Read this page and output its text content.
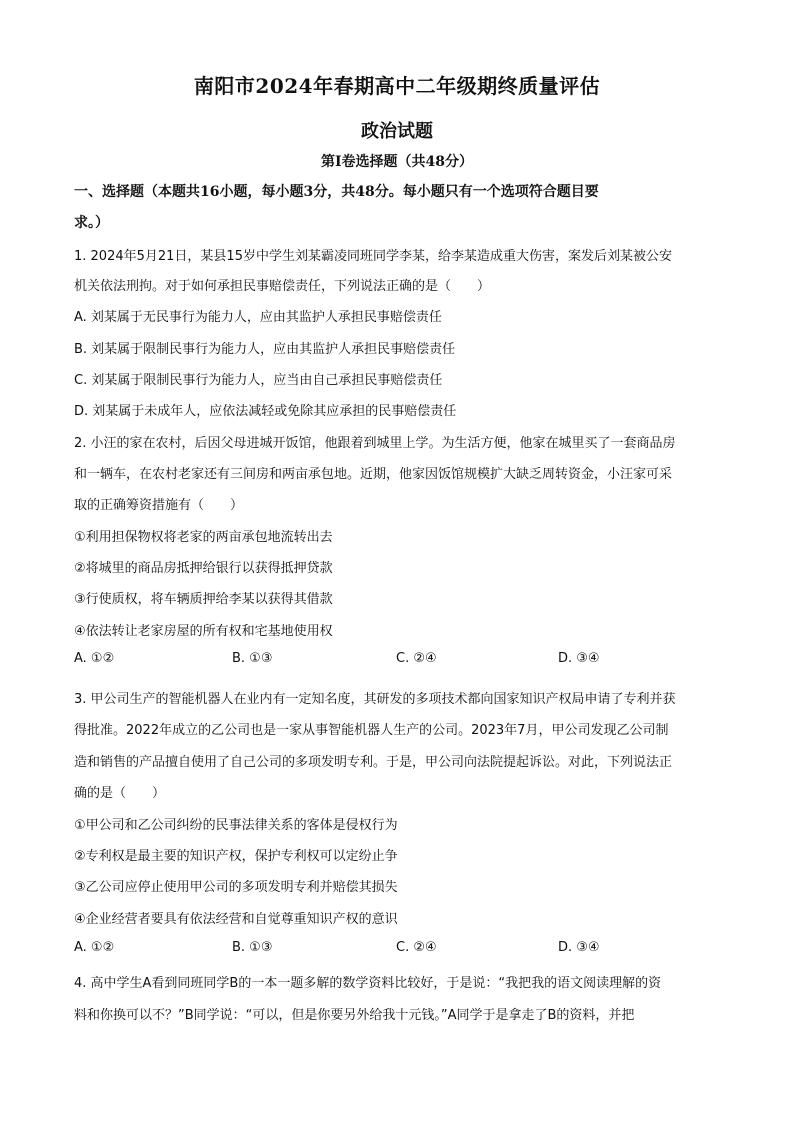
南阳市2024年春期高中二年级期终质量评估
政治试题
第Ⅰ卷选择题（共48分）
一、选择题（本题共16小题，每小题3分，共48分。每小题只有一个选项符合题目要
求。）
1. 2024年5月21日，某县15岁中学生刘某霸凌同班同学李某，给李某造成重大伤害，案发后刘某被公安
机关依法刑拘。对于如何承担民事赔偿责任，下列说法正确的是（　　）
A. 刘某属于无民事行为能力人，应由其监护人承担民事赔偿责任
B. 刘某属于限制民事行为能力人，应由其监护人承担民事赔偿责任
C. 刘某属于限制民事行为能力人，应当由自己承担民事赔偿责任
D. 刘某属于未成年人，应依法减轻或免除其应承担的民事赔偿责任
2. 小汪的家在农村，后因父母进城开饭馆，他跟着到城里上学。为生活方便，他家在城里买了一套商品房
和一辆车，在农村老家还有三间房和两亩承包地。近期，他家因饭馆规模扩大缺乏周转资金，小汪家可采
取的正确筹资措施有（　　）
①利用担保物权将老家的两亩承包地流转出去
②将城里的商品房抵押给银行以获得抵押贷款
③行使质权，将车辆质押给李某以获得其借款
④依法转让老家房屋的所有权和宅基地使用权
A. ①②	B. ①③	C. ②④	D. ③④
3. 甲公司生产的智能机器人在业内有一定知名度，其研发的多项技术都向国家知识产权局申请了专利并获
得批准。2022年成立的乙公司也是一家从事智能机器人生产的公司。2023年7月，甲公司发现乙公司制
造和销售的产品擅自使用了自己公司的多项发明专利。于是，甲公司向法院提起诉讼。对此，下列说法正
确的是（　　）
①甲公司和乙公司纠纷的民事法律关系的客体是侵权行为
②专利权是最主要的知识产权，保护专利权可以定纷止争
③乙公司应停止使用甲公司的多项发明专利并赔偿其损失
④企业经营者要具有依法经营和自觉尊重知识产权的意识
A. ①②	B. ①③	C. ②④	D. ③④
4. 高中学生A看到同班同学B的一本一题多解的数学资料比较好，于是说：“我把我的语文阅读理解的资
料和你换可以不？”B同学说：“可以，但是你要另外给我十元钱。”A同学于是拿走了B的资料，并把
